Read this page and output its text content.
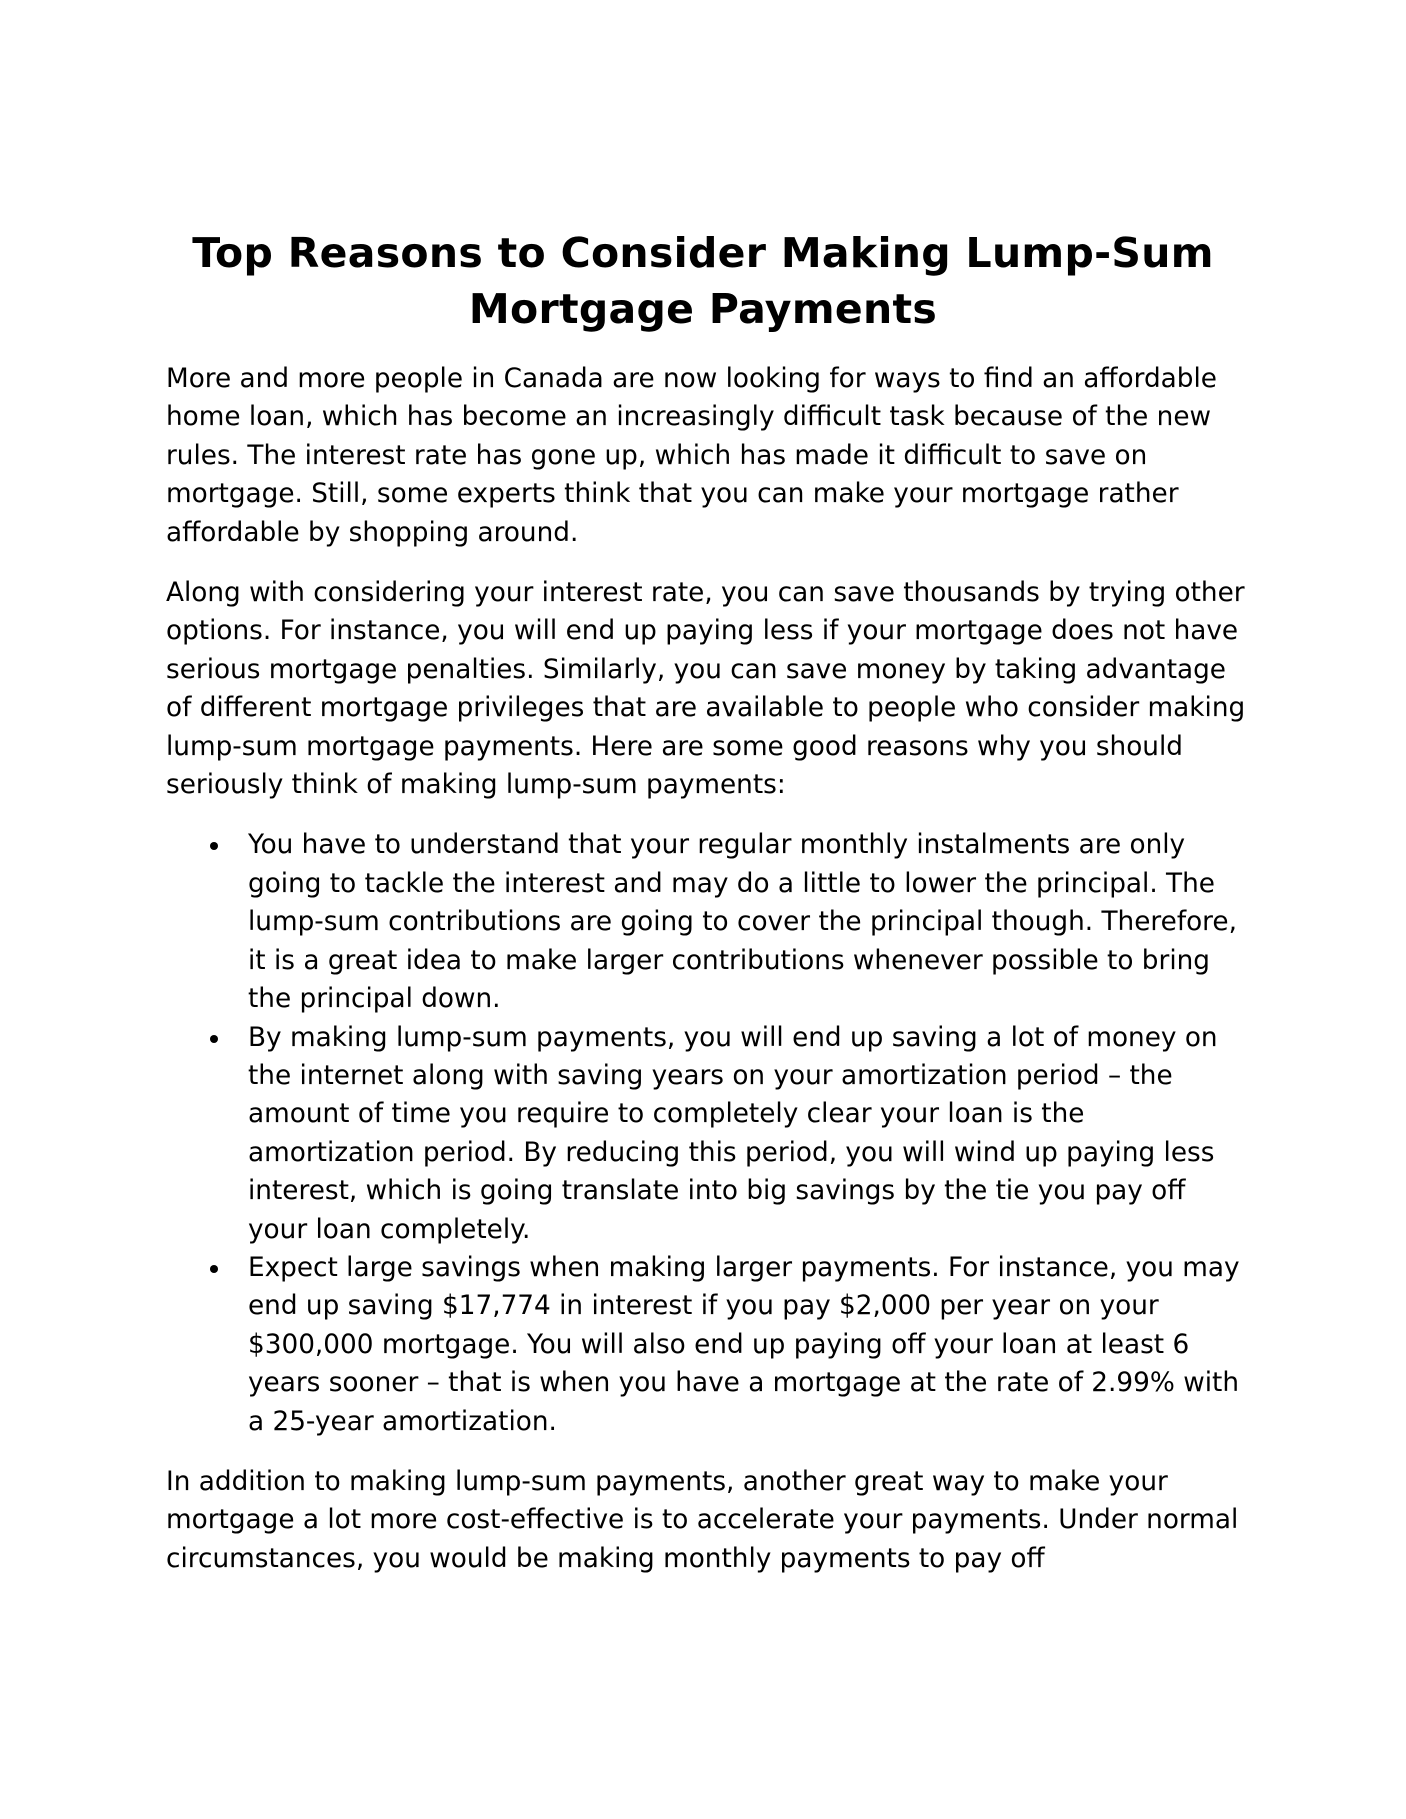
Top Reasons to Consider Making Lump-Sum Mortgage Payments

More and more people in Canada are now looking for ways to find an affordable home loan, which has become an increasingly difficult task because of the new rules. The interest rate has gone up, which has made it difficult to save on mortgage. Still, some experts think that you can make your mortgage rather affordable by shopping around.

Along with considering your interest rate, you can save thousands by trying other options. For instance, you will end up paying less if your mortgage does not have serious mortgage penalties. Similarly, you can save money by taking advantage of different mortgage privileges that are available to people who consider making lump-sum mortgage payments. Here are some good reasons why you should seriously think of making lump-sum payments:

You have to understand that your regular monthly instalments are only going to tackle the interest and may do a little to lower the principal. The lump-sum contributions are going to cover the principal though. Therefore, it is a great idea to make larger contributions whenever possible to bring the principal down.
By making lump-sum payments, you will end up saving a lot of money on the internet along with saving years on your amortization period – the amount of time you require to completely clear your loan is the amortization period. By reducing this period, you will wind up paying less interest, which is going translate into big savings by the tie you pay off your loan completely.
Expect large savings when making larger payments. For instance, you may end up saving $17,774 in interest if you pay $2,000 per year on your $300,000 mortgage. You will also end up paying off your loan at least 6 years sooner – that is when you have a mortgage at the rate of 2.99% with a 25-year amortization.

In addition to making lump-sum payments, another great way to make your mortgage a lot more cost-effective is to accelerate your payments. Under normal circumstances, you would be making monthly payments to pay off
